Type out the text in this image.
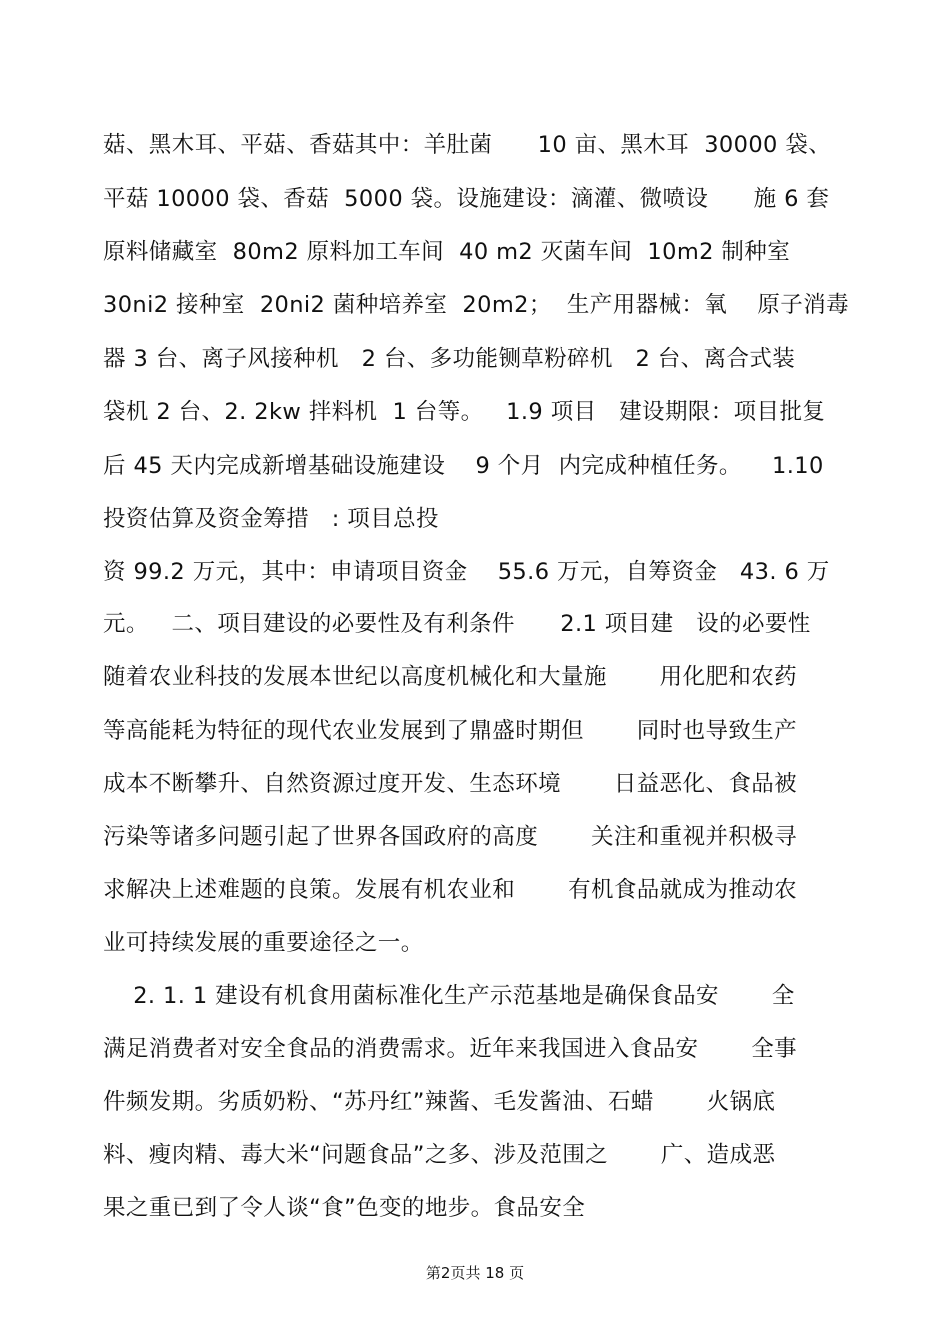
菇、黑木耳、平菇、香菇其中：羊肚菌      10 亩、黑木耳  30000 袋、
平菇 10000 袋、香菇  5000 袋。设施建设：滴灌、微喷设      施 6 套
原料储藏室  80m2 原料加工车间  40 m2 灭菌车间  10m2 制种室
30ni2 接种室  20ni2 菌种培养室  20m2；  生产用器械：氧    原子消毒
器 3 台、离子风接种机   2 台、多功能铡草粉碎机   2 台、离合式装
袋机 2 台、2. 2kw 拌料机  1 台等。   1.9 项目   建设期限：项目批复
后 45 天内完成新增基础设施建设    9 个月  内完成种植任务。    1.10
投资估算及资金筹措   : 项目总投
资 99.2 万元，其中：申请项目资金    55.6 万元，自筹资金   43. 6 万
元。   二、项目建设的必要性及有利条件      2.1 项目建   设的必要性
随着农业科技的发展本世纪以高度机械化和大量施       用化肥和农药
等高能耗为特征的现代农业发展到了鼎盛时期但       同时也导致生产
成本不断攀升、自然资源过度开发、生态环境       日益恶化、食品被
污染等诸多问题引起了世界各国政府的高度       关注和重视并积极寻
求解决上述难题的良策。发展有机农业和       有机食品就成为推动农
业可持续发展的重要途径之一。
2. 1. 1 建设有机食用菌标准化生产示范基地是确保食品安       全
满足消费者对安全食品的消费需求。近年来我国进入食品安       全事
件频发期。劣质奶粉、“苏丹红”辣酱、毛发酱油、石蜡       火锅底
料、瘦肉精、毒大米“问题食品”之多、涉及范围之       广、造成恶
果之重已到了令人谈“食”色变的地步。食品安全
第2页共 18 页
